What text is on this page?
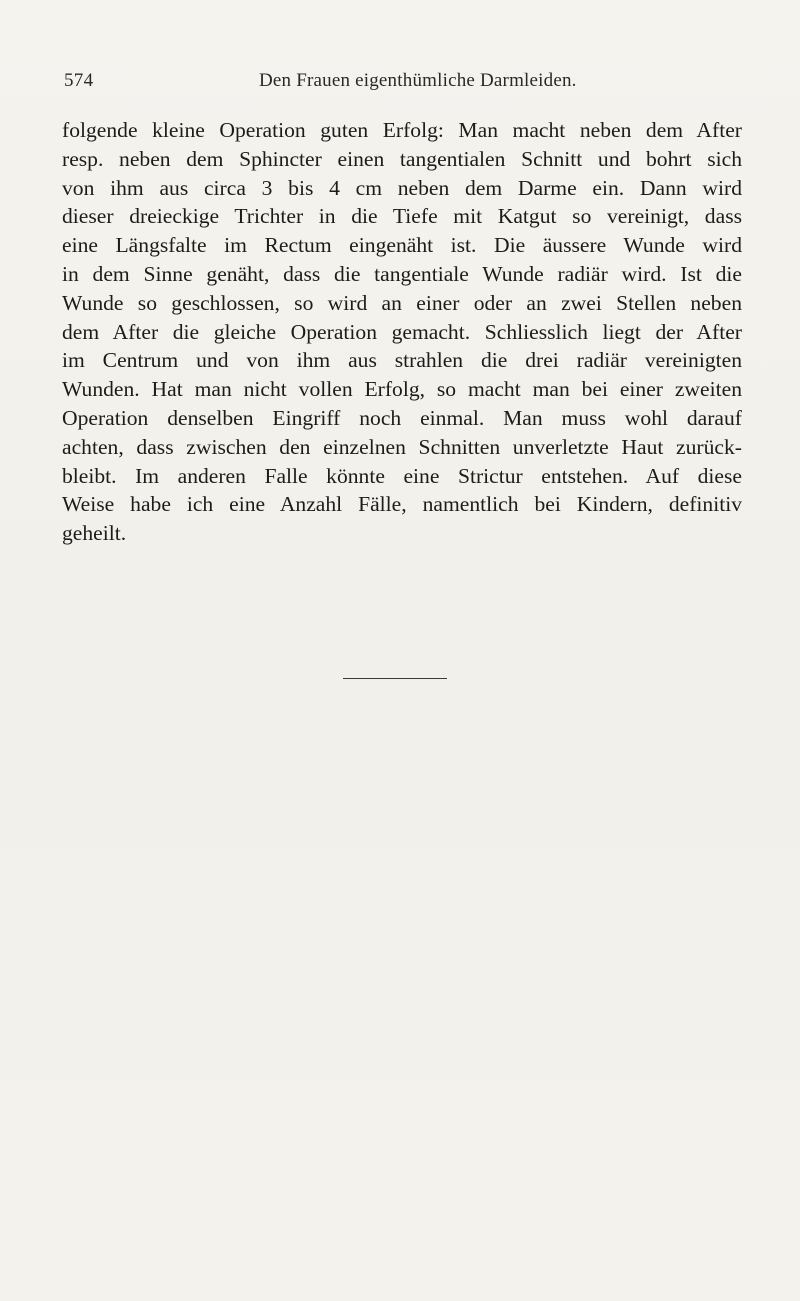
574	Den Frauen eigenthümliche Darmleiden.
folgende kleine Operation guten Erfolg: Man macht neben dem After
resp. neben dem Sphincter einen tangentialen Schnitt und bohrt sich
von ihm aus circa 3 bis 4 cm neben dem Darme ein. Dann wird
dieser dreieckige Trichter in die Tiefe mit Katgut so vereinigt, dass
eine Längsfalte im Rectum eingenäht ist. Die äussere Wunde wird
in dem Sinne genäht, dass die tangentiale Wunde radiär wird. Ist die
Wunde so geschlossen, so wird an einer oder an zwei Stellen neben
dem After die gleiche Operation gemacht. Schliesslich liegt der After
im Centrum und von ihm aus strahlen die drei radiär vereinigten
Wunden. Hat man nicht vollen Erfolg, so macht man bei einer zweiten
Operation denselben Eingriff noch einmal. Man muss wohl darauf
achten, dass zwischen den einzelnen Schnitten unverletzte Haut zurück-
bleibt. Im anderen Falle könnte eine Strictur entstehen. Auf diese
Weise habe ich eine Anzahl Fälle, namentlich bei Kindern, definitiv
geheilt.
